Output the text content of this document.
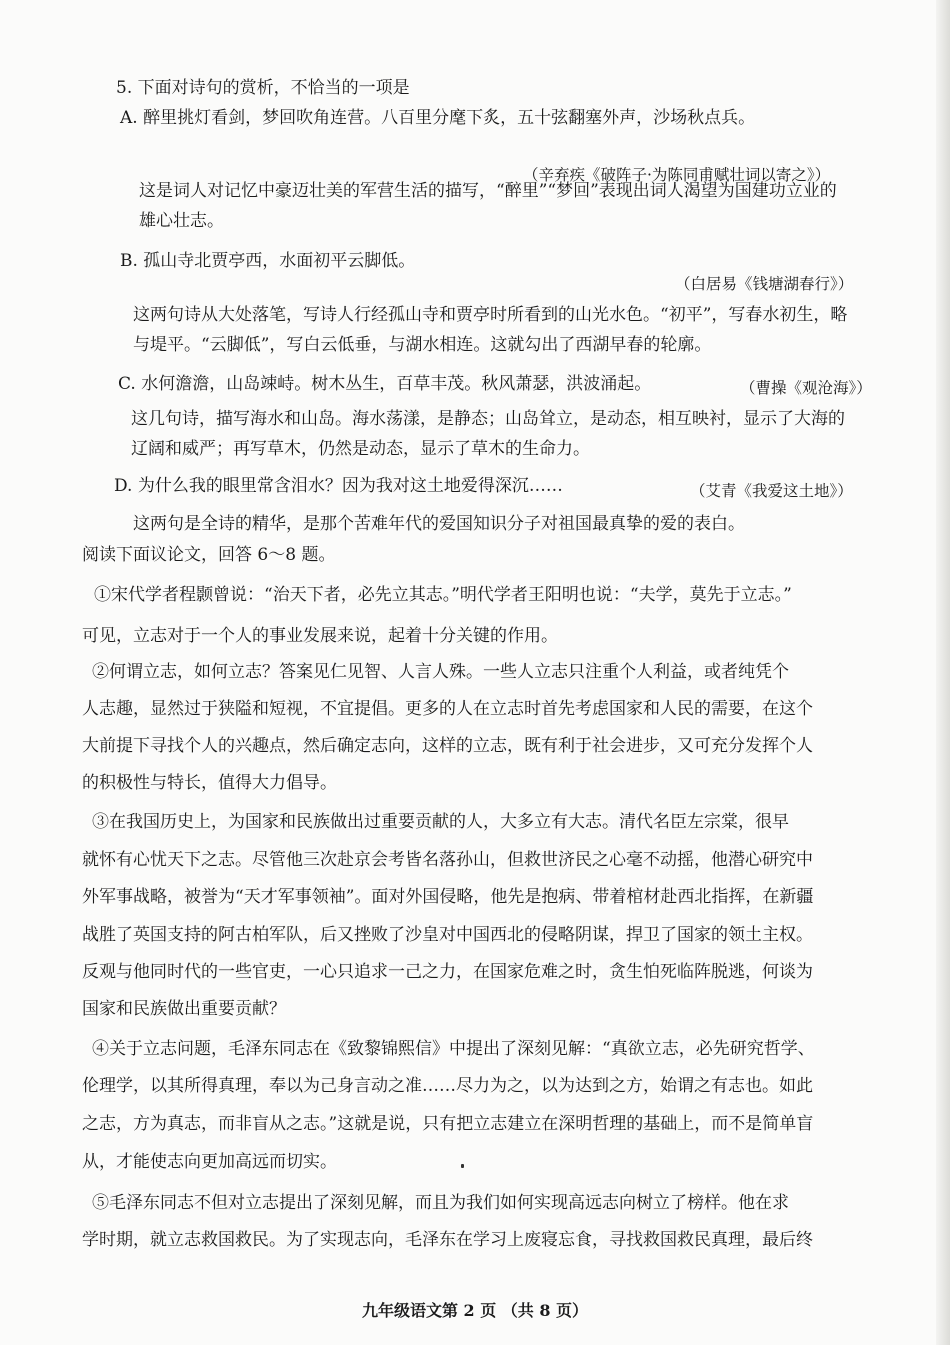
5. 下面对诗句的赏析，不恰当的一项是
A. 醉里挑灯看剑，梦回吹角连营。八百里分麾下炙，五十弦翻塞外声，沙场秋点兵。
（辛弃疾《破阵子·为陈同甫赋壮词以寄之》）
这是词人对记忆中豪迈壮美的军营生活的描写，“醉里”“梦回”表现出词人渴望为国建功立业的
雄心壮志。
B. 孤山寺北贾亭西，水面初平云脚低。
（白居易《钱塘湖春行》）
这两句诗从大处落笔，写诗人行经孤山寺和贾亭时所看到的山光水色。“初平”，写春水初生，略
与堤平。“云脚低”，写白云低垂，与湖水相连。这就勾出了西湖早春的轮廓。
C. 水何澹澹，山岛竦峙。树木丛生，百草丰茂。秋风萧瑟，洪波涌起。	（曹操《观沧海》）
这几句诗，描写海水和山岛。海水荡漾，是静态；山岛耸立，是动态，相互映衬，显示了大海的
辽阔和威严；再写草木，仍然是动态，显示了草木的生命力。
D. 为什么我的眼里常含泪水？因为我对这土地爱得深沉……	（艾青《我爱这土地》）
这两句是全诗的精华，是那个苦难年代的爱国知识分子对祖国最真挚的爱的表白。
阅读下面议论文，回答 6～8 题。
①宋代学者程颢曾说：“治天下者，必先立其志。”明代学者王阳明也说：“夫学，莫先于立志。”
可见，立志对于一个人的事业发展来说，起着十分关键的作用。
②何谓立志，如何立志？答案见仁见智、人言人殊。一些人立志只注重个人利益，或者纯凭个
人志趣，显然过于狭隘和短视，不宜提倡。更多的人在立志时首先考虑国家和人民的需要，在这个
大前提下寻找个人的兴趣点，然后确定志向，这样的立志，既有利于社会进步，又可充分发挥个人
的积极性与特长，值得大力倡导。
③在我国历史上，为国家和民族做出过重要贡献的人，大多立有大志。清代名臣左宗棠，很早
就怀有心忧天下之志。尽管他三次赴京会考皆名落孙山，但救世济民之心毫不动摇，他潜心研究中
外军事战略，被誉为“天才军事领袖”。面对外国侵略，他先是抱病、带着棺材赴西北指挥，在新疆
战胜了英国支持的阿古柏军队，后又挫败了沙皇对中国西北的侵略阴谋，捍卫了国家的领土主权。
反观与他同时代的一些官吏，一心只追求一己之力，在国家危难之时，贪生怕死临阵脱逃，何谈为
国家和民族做出重要贡献？
④关于立志问题，毛泽东同志在《致黎锦熙信》中提出了深刻见解：“真欲立志，必先研究哲学、
伦理学，以其所得真理，奉以为己身言动之准……尽力为之，以为达到之方，始谓之有志也。如此
之志，方为真志，而非盲从之志。”这就是说，只有把立志建立在深明哲理的基础上，而不是简单盲
从，才能使志向更加高远而切实。
⑤毛泽东同志不但对立志提出了深刻见解，而且为我们如何实现高远志向树立了榜样。他在求
学时期，就立志救国救民。为了实现志向，毛泽东在学习上废寝忘食，寻找救国救民真理，最后终
九年级语文第 2 页 （共 8 页）
